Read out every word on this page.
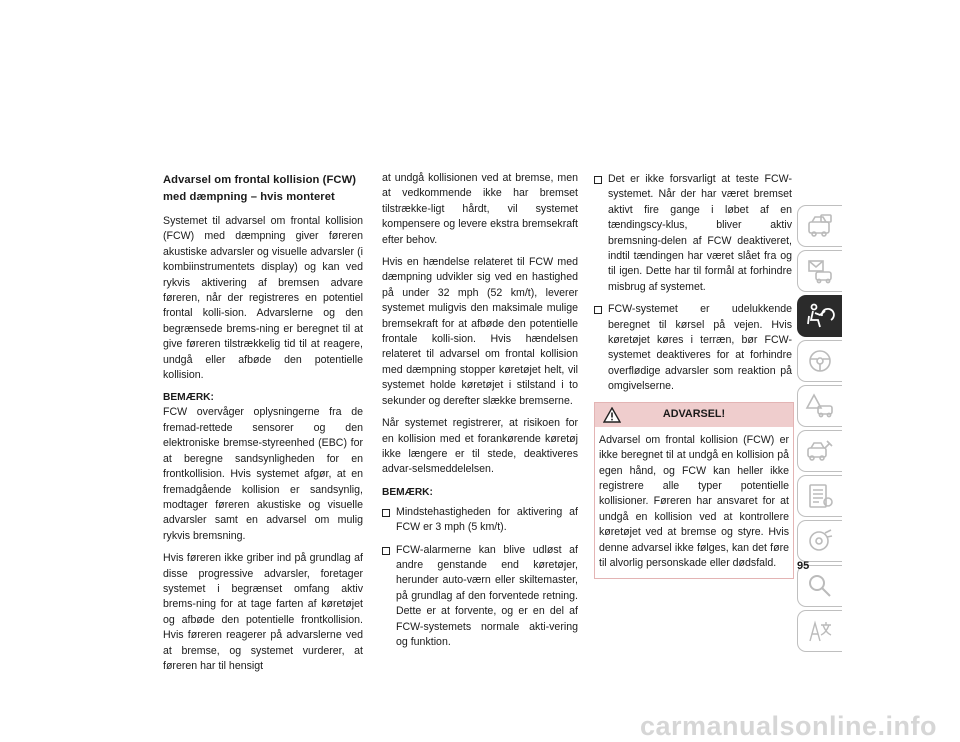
Advarsel om frontal kollision (FCW) med dæmpning – hvis monteret

Systemet til advarsel om frontal kollision (FCW) med dæmpning giver føreren akustiske advarsler og visuelle advarsler (i kombiinstrumentets display) og kan ved rykvis aktivering af bremsen advare føreren, når der registreres en potentiel frontal kolli-sion. Advarslerne og den begrænsede brems-ning er beregnet til at give føreren tilstrækkelig tid til at reagere, undgå eller afbøde den potentielle kollision.

BEMÆRK:

FCW overvåger oplysningerne fra de fremad-rettede sensorer og den elektroniske bremse-styreenhed (EBC) for at beregne sandsynligheden for en frontkollision. Hvis systemet afgør, at en fremadgående kollision er sandsynlig, modtager føreren akustiske og visuelle advarsler samt en advarsel om mulig rykvis bremsning.

Hvis føreren ikke griber ind på grundlag af disse progressive advarsler, foretager systemet i begrænset omfang aktiv brems-ning for at tage farten af køretøjet og afbøde den potentielle frontkollision. Hvis føreren reagerer på advarslerne ved at bremse, og systemet vurderer, at føreren har til hensigt

at undgå kollisionen ved at bremse, men at vedkommende ikke har bremset tilstrække-ligt hårdt, vil systemet kompensere og levere ekstra bremsekraft efter behov.

Hvis en hændelse relateret til FCW med dæmpning udvikler sig ved en hastighed på under 32 mph (52 km/t), leverer systemet muligvis den maksimale mulige bremsekraft for at afbøde den potentielle frontale kolli-sion. Hvis hændelsen relateret til advarsel om frontal kollision med dæmpning stopper køretøjet helt, vil systemet holde køretøjet i stilstand i to sekunder og derefter slække bremserne.

Når systemet registrerer, at risikoen for en kollision med et forankørende køretøj ikke længere er til stede, deaktiveres advar-selsmeddelelsen.

BEMÆRK:
Mindstehastigheden for aktivering af FCW er 3 mph (5 km/t).
FCW-alarmerne kan blive udløst af andre genstande end køretøjer, herunder auto-værn eller skiltemaster, på grundlag af den forventede retning. Dette er at forvente, og er en del af FCW-systemets normale akti-vering og funktion.
Det er ikke forsvarligt at teste FCW-systemet. Når der har været bremset aktivt fire gange i løbet af en tændingscy-klus, bliver aktiv bremsning-delen af FCW deaktiveret, indtil tændingen har været slået fra og til igen. Dette har til formål at forhindre misbrug af systemet.
FCW-systemet er udelukkende beregnet til kørsel på vejen. Hvis køretøjet køres i terræn, bør FCW-systemet deaktiveres for at forhindre overflødige advarsler som reaktion på omgivelserne.
ADVARSEL!
Advarsel om frontal kollision (FCW) er ikke beregnet til at undgå en kollision på egen hånd, og FCW kan heller ikke registrere alle typer potentielle kollisioner. Føreren har ansvaret for at undgå en kollision ved at kontrollere køretøjet ved at bremse og styre. Hvis denne advarsel ikke følges, kan det føre til alvorlig personskade eller dødsfald.	95
carmanualsonline.info
